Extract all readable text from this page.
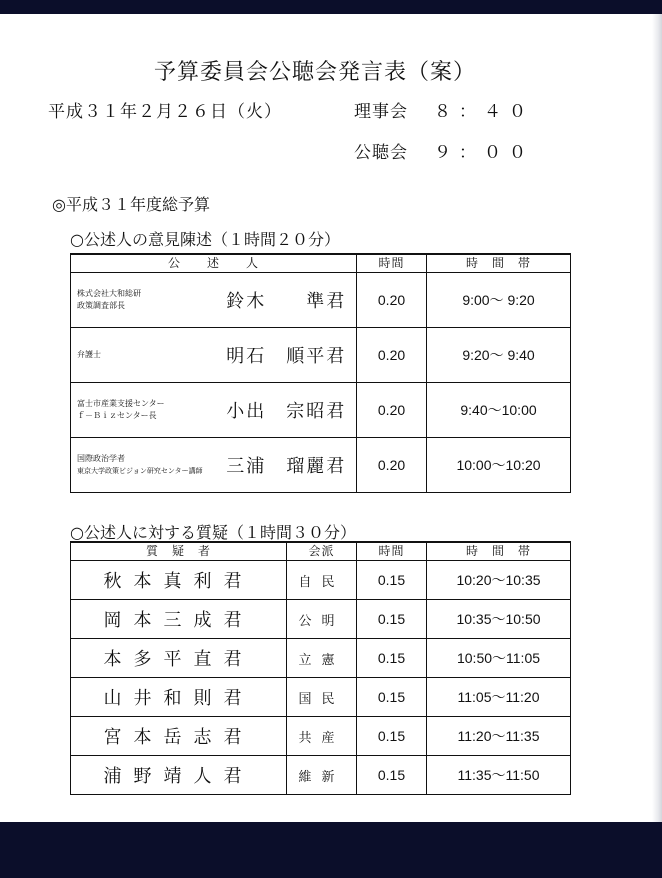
予算委員会公聴会発言表（案）
平成３１年２月２６日（火）	理事会 ８：４０
公聴会 ９：００
◎平成３１年度総予算
○公述人の意見陳述（１時間２０分）
公　　述　　人		時間	時　間　帯

株式会社大和総研
政策調査部長	鈴木　　準君	0.20	9:00～ 9:20

弁護士	明石　順平君	0.20	9:20～ 9:40

富士市産業支援センター
ｆ－Ｂｉｚセンター長	小出　宗昭君	0.20	9:40～10:00

国際政治学者
東京大学政策ビジョン研究センター講師	三浦　瑠麗君	0.20	10:00～10:20
○公述人に対する質疑（１時間３０分）
質　疑　者	会派	時間	時　間　帯
秋本真利君	自民	0.15	10:20～10:35
岡本三成君	公明	0.15	10:35～10:50
本多平直君	立憲	0.15	10:50～11:05
山井和則君	国民	0.15	11:05～11:20
宮本岳志君	共産	0.15	11:20～11:35
浦野靖人君	維新	0.15	11:35～11:50
